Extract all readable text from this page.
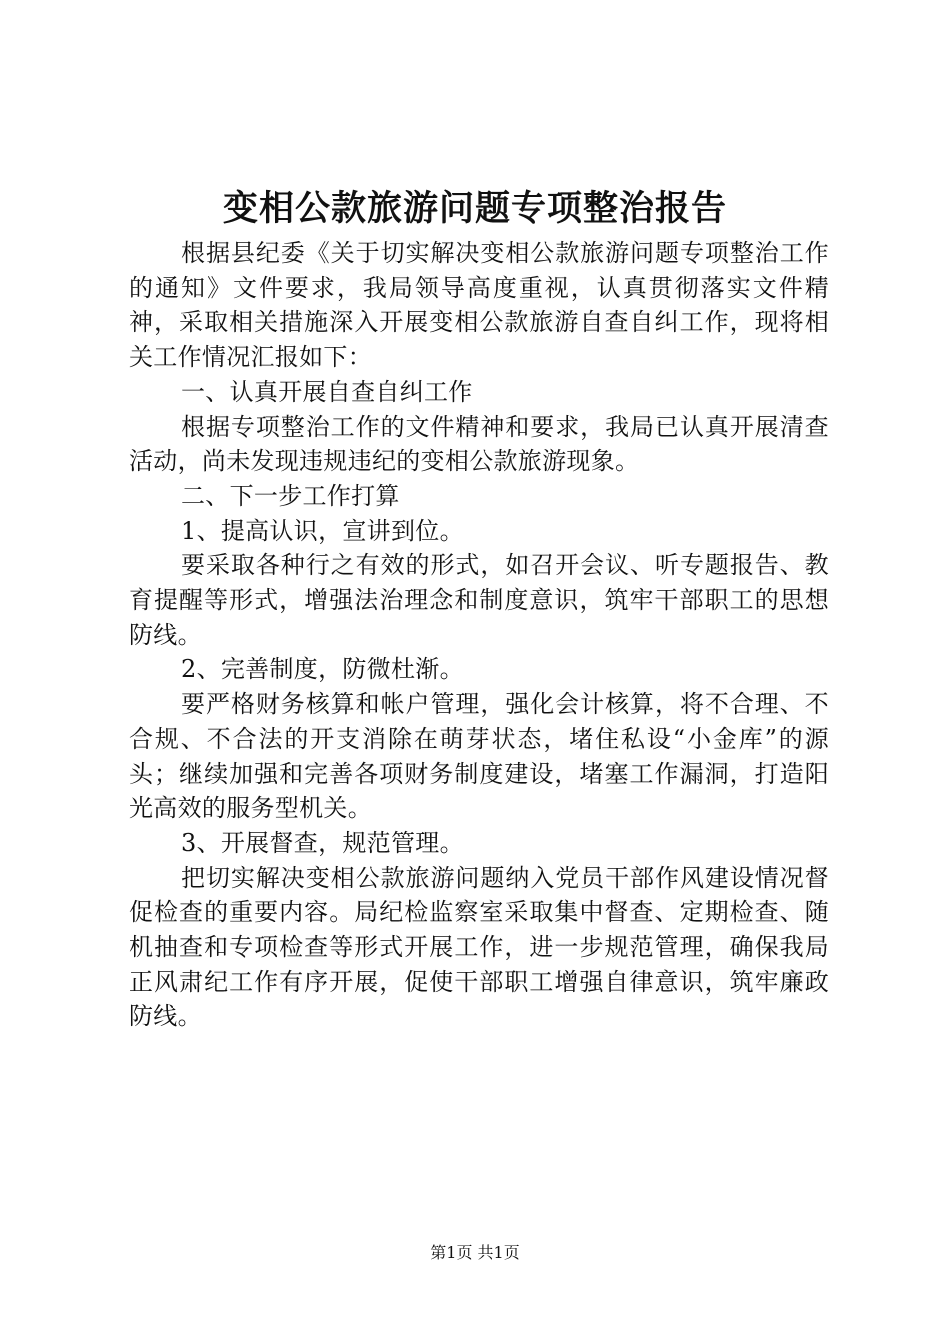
变相公款旅游问题专项整治报告

根据县纪委《关于切实解决变相公款旅游问题专项整治工作的通知》文件要求，我局领导高度重视，认真贯彻落实文件精神，采取相关措施深入开展变相公款旅游自查自纠工作，现将相关工作情况汇报如下：

一、认真开展自查自纠工作

根据专项整治工作的文件精神和要求，我局已认真开展清查活动，尚未发现违规违纪的变相公款旅游现象。

二、下一步工作打算

1、提高认识，宣讲到位。

要采取各种行之有效的形式，如召开会议、听专题报告、教育提醒等形式，增强法治理念和制度意识，筑牢干部职工的思想防线。

2、完善制度，防微杜渐。

要严格财务核算和帐户管理，强化会计核算，将不合理、不合规、不合法的开支消除在萌芽状态，堵住私设“小金库”的源头；继续加强和完善各项财务制度建设，堵塞工作漏洞，打造阳光高效的服务型机关。

3、开展督查，规范管理。

把切实解决变相公款旅游问题纳入党员干部作风建设情况督促检查的重要内容。局纪检监察室采取集中督查、定期检查、随机抽查和专项检查等形式开展工作，进一步规范管理，确保我局正风肃纪工作有序开展，促使干部职工增强自律意识，筑牢廉政防线。

第1页 共1页
